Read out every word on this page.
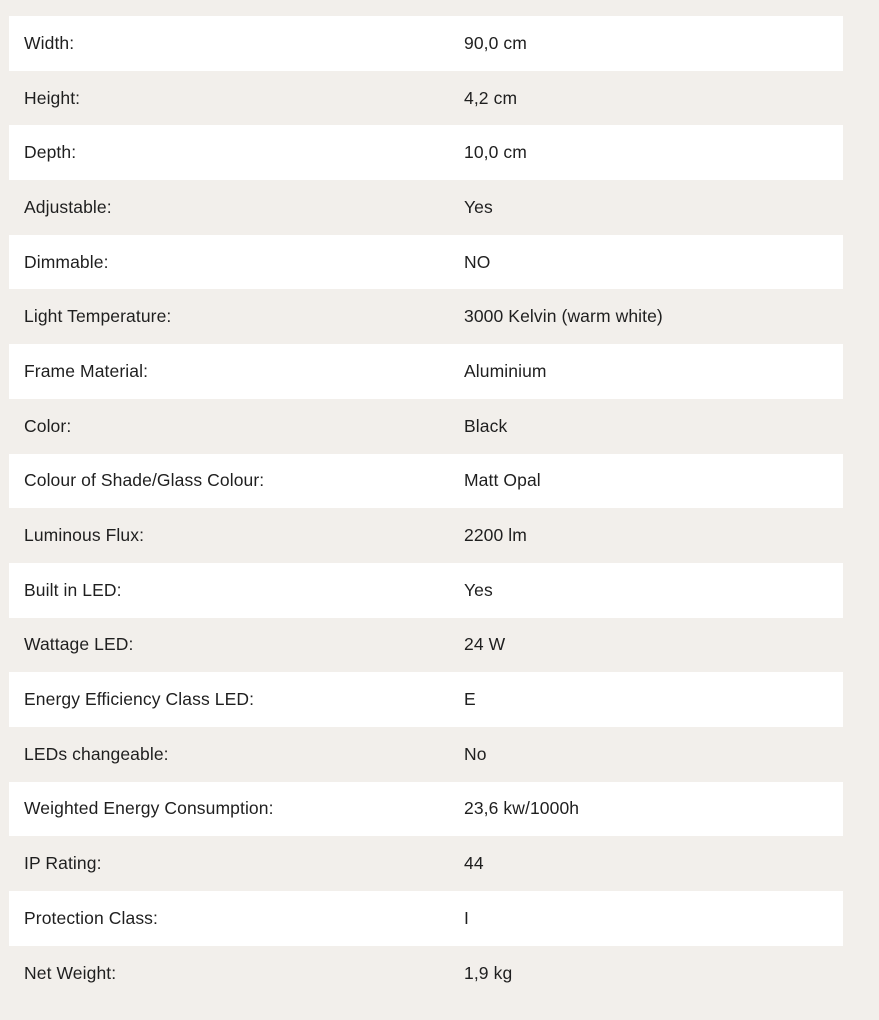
Width:	90,0 cm
Height:	4,2 cm
Depth:	10,0 cm
Adjustable:	Yes
Dimmable:	NO
Light Temperature:	3000 Kelvin (warm white)
Frame Material:	Aluminium
Color:	Black
Colour of Shade/Glass Colour:	Matt Opal
Luminous Flux:	2200 lm
Built in LED:	Yes
Wattage LED:	24 W
Energy Efficiency Class LED:	E
LEDs changeable:	No
Weighted Energy Consumption:	23,6 kw/1000h
IP Rating:	44
Protection Class:	I
Net Weight:	1,9 kg
